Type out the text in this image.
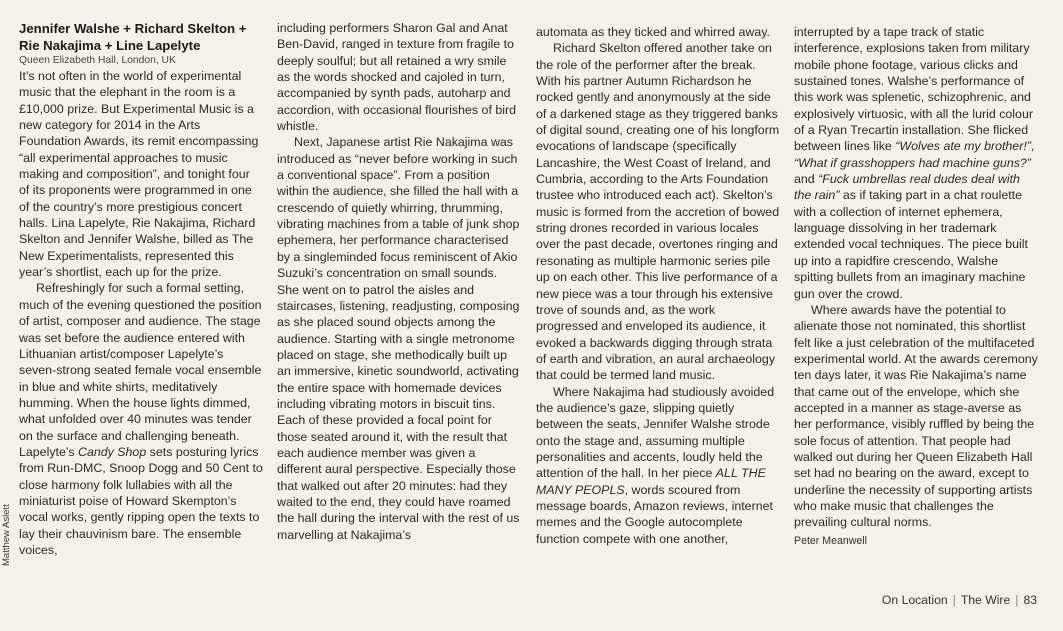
Jennifer Walshe + Richard Skelton + Rie Nakajima + Line Lapelyte

Queen Elizabeth Hall, London, UK

It’s not often in the world of experimental music that the elephant in the room is a £10,000 prize. But Experimental Music is a new category for 2014 in the Arts Foundation Awards, its remit encompassing “all experimental approaches to music making and composition”, and tonight four of its proponents were programmed in one of the country’s more prestigious concert halls. Lina Lapelyte, Rie Nakajima, Richard Skelton and Jennifer Walshe, billed as The New Experimentalists, represented this year’s shortlist, each up for the prize.

Refreshingly for such a formal setting, much of the evening questioned the position of artist, composer and audience. The stage was set before the audience entered with Lithuanian artist/composer Lapelyte’s seven-strong seated female vocal ensemble in blue and white shirts, meditatively humming. When the house lights dimmed, what unfolded over 40 minutes was tender on the surface and challenging beneath. Lapelyte’s Candy Shop sets posturing lyrics from Run-DMC, Snoop Dogg and 50 Cent to close harmony folk lullabies with all the miniaturist poise of Howard Skempton’s vocal works, gently ripping open the texts to lay their chauvinism bare. The ensemble voices,

including performers Sharon Gal and Anat Ben-David, ranged in texture from fragile to deeply soulful; but all retained a wry smile as the words shocked and cajoled in turn, accompanied by synth pads, autoharp and accordion, with occasional flourishes of bird whistle.

Next, Japanese artist Rie Nakajima was introduced as “never before working in such a conventional space”. From a position within the audience, she filled the hall with a crescendo of quietly whirring, thrumming, vibrating machines from a table of junk shop ephemera, her performance characterised by a singleminded focus reminiscent of Akio Suzuki’s concentration on small sounds. She went on to patrol the aisles and staircases, listening, readjusting, composing as she placed sound objects among the audience. Starting with a single metronome placed on stage, she methodically built up an immersive, kinetic soundworld, activating the entire space with homemade devices including vibrating motors in biscuit tins. Each of these provided a focal point for those seated around it, with the result that each audience member was given a different aural perspective. Especially those that walked out after 20 minutes: had they waited to the end, they could have roamed the hall during the interval with the rest of us marvelling at Nakajima’s

automata as they ticked and whirred away.

Richard Skelton offered another take on the role of the performer after the break. With his partner Autumn Richardson he rocked gently and anonymously at the side of a darkened stage as they triggered banks of digital sound, creating one of his longform evocations of landscape (specifically Lancashire, the West Coast of Ireland, and Cumbria, according to the Arts Foundation trustee who introduced each act). Skelton’s music is formed from the accretion of bowed string drones recorded in various locales over the past decade, overtones ringing and resonating as multiple harmonic series pile up on each other. This live performance of a new piece was a tour through his extensive trove of sounds and, as the work progressed and enveloped its audience, it evoked a backwards digging through strata of earth and vibration, an aural archaeology that could be termed land music.

Where Nakajima had studiously avoided the audience’s gaze, slipping quietly between the seats, Jennifer Walshe strode onto the stage and, assuming multiple personalities and accents, loudly held the attention of the hall. In her piece ALL THE MANY PEOPLS, words scoured from message boards, Amazon reviews, internet memes and the Google autocomplete function compete with one another,

interrupted by a tape track of static interference, explosions taken from military mobile phone footage, various clicks and sustained tones. Walshe’s performance of this work was splenetic, schizophrenic, and explosively virtuosic, with all the lurid colour of a Ryan Trecartin installation. She flicked between lines like “Wolves ate my brother!”, “What if grasshoppers had machine guns?” and “Fuck umbrellas real dudes deal with the rain” as if taking part in a chat roulette with a collection of internet ephemera, language dissolving in her trademark extended vocal techniques. The piece built up into a rapidfire crescendo, Walshe spitting bullets from an imaginary machine gun over the crowd.

Where awards have the potential to alienate those not nominated, this shortlist felt like a just celebration of the multifaceted experimental world. At the awards ceremony ten days later, it was Rie Nakajima’s name that came out of the envelope, which she accepted in a manner as stage-averse as her performance, visibly ruffled by being the sole focus of attention. That people had walked out during her Queen Elizabeth Hall set had no bearing on the award, except to underline the necessity of supporting artists who make music that challenges the prevailing cultural norms.

Peter Meanwell

Matthew Aslett
On Location | The Wire | 83
